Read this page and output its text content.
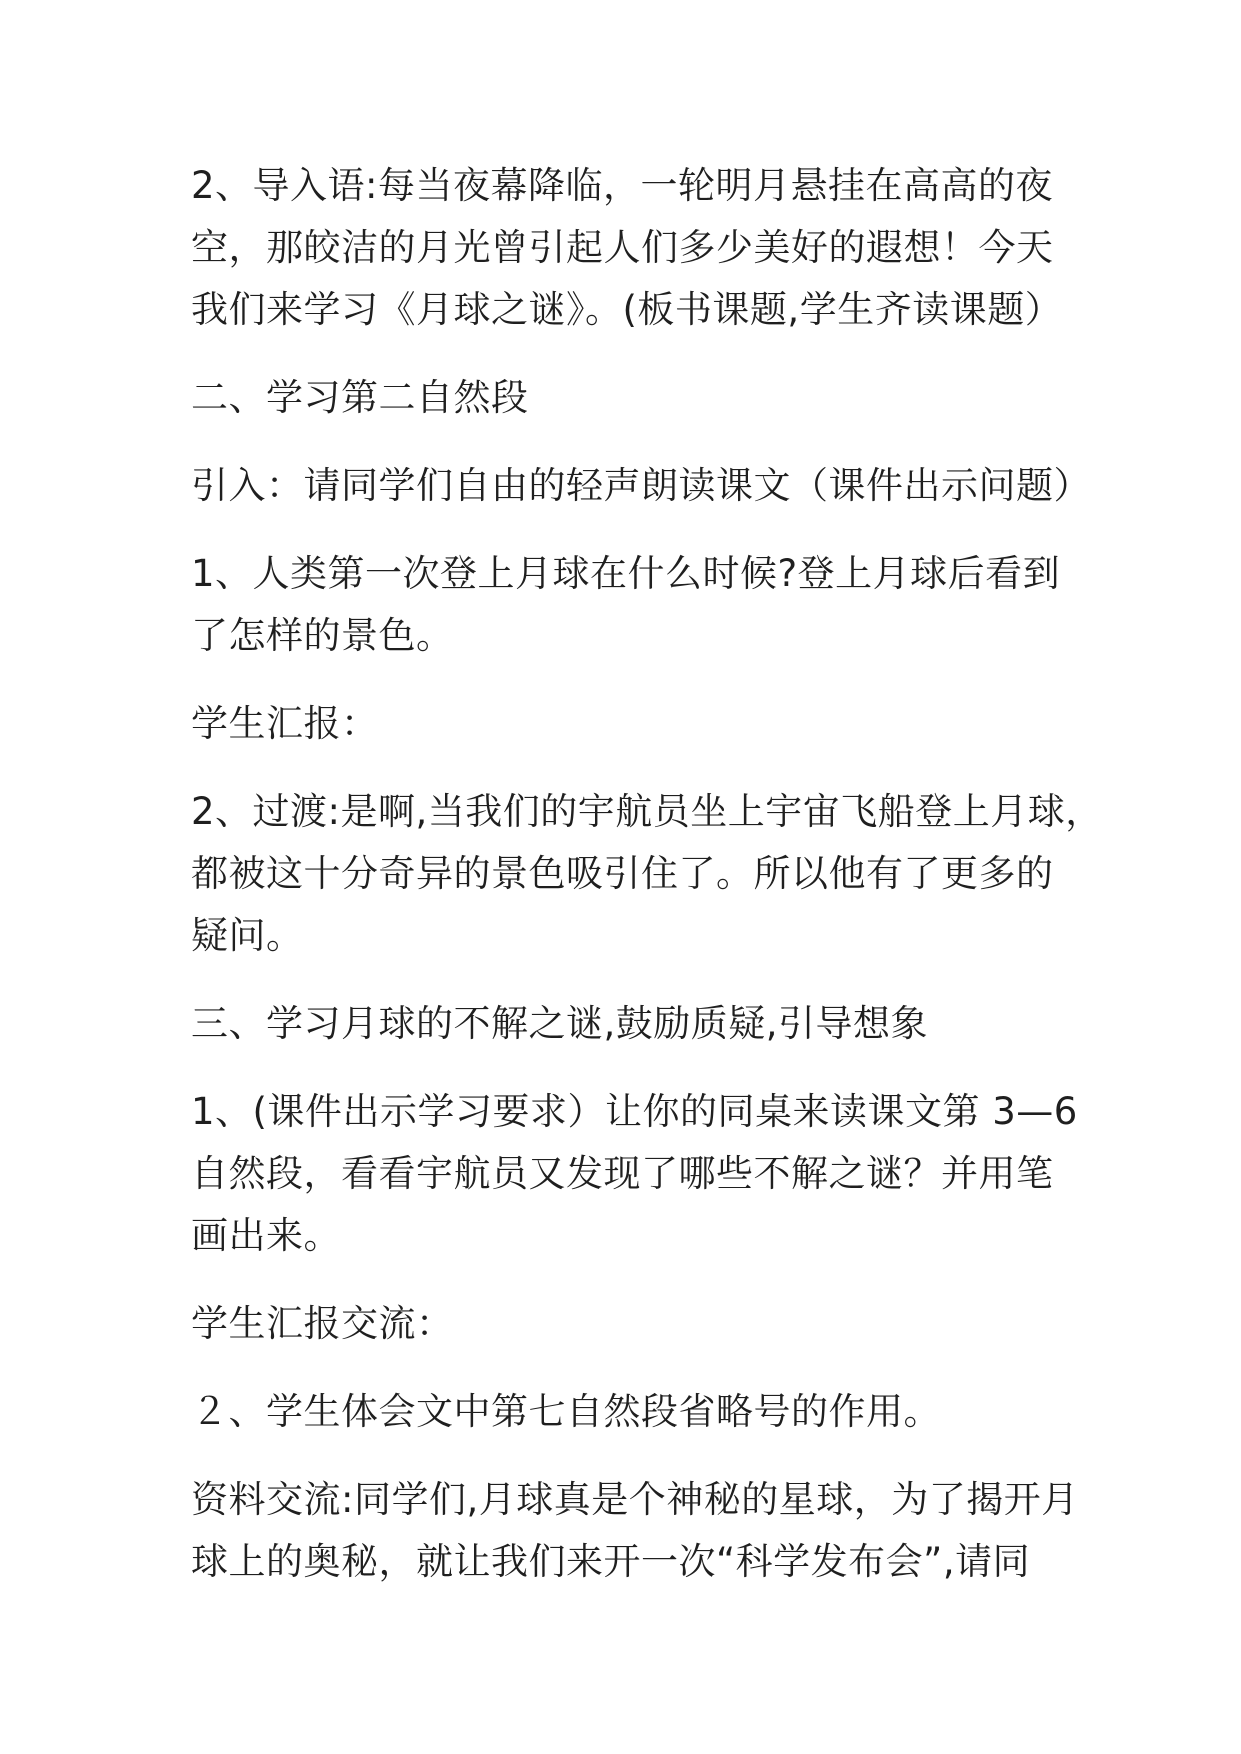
2、导入语:每当夜幕降临，一轮明月悬挂在高高的夜
空，那皎洁的月光曾引起人们多少美好的遐想！今天
我们来学习《月球之谜》。(板书课题,学生齐读课题）

二、学习第二自然段

引入：请同学们自由的轻声朗读课文（课件出示问题）

1、人类第一次登上月球在什么时候?登上月球后看到
了怎样的景色。

学生汇报：

2、过渡:是啊,当我们的宇航员坐上宇宙飞船登上月球，
都被这十分奇异的景色吸引住了。所以他有了更多的
疑问。

三、学习月球的不解之谜,鼓励质疑,引导想象

1、(课件出示学习要求）让你的同桌来读课文第 3—6
自然段，看看宇航员又发现了哪些不解之谜？并用笔
画出来。

学生汇报交流：

２、学生体会文中第七自然段省略号的作用。

资料交流:同学们,月球真是个神秘的星球，为了揭开月
球上的奥秘，就让我们来开一次“科学发布会”,请同
